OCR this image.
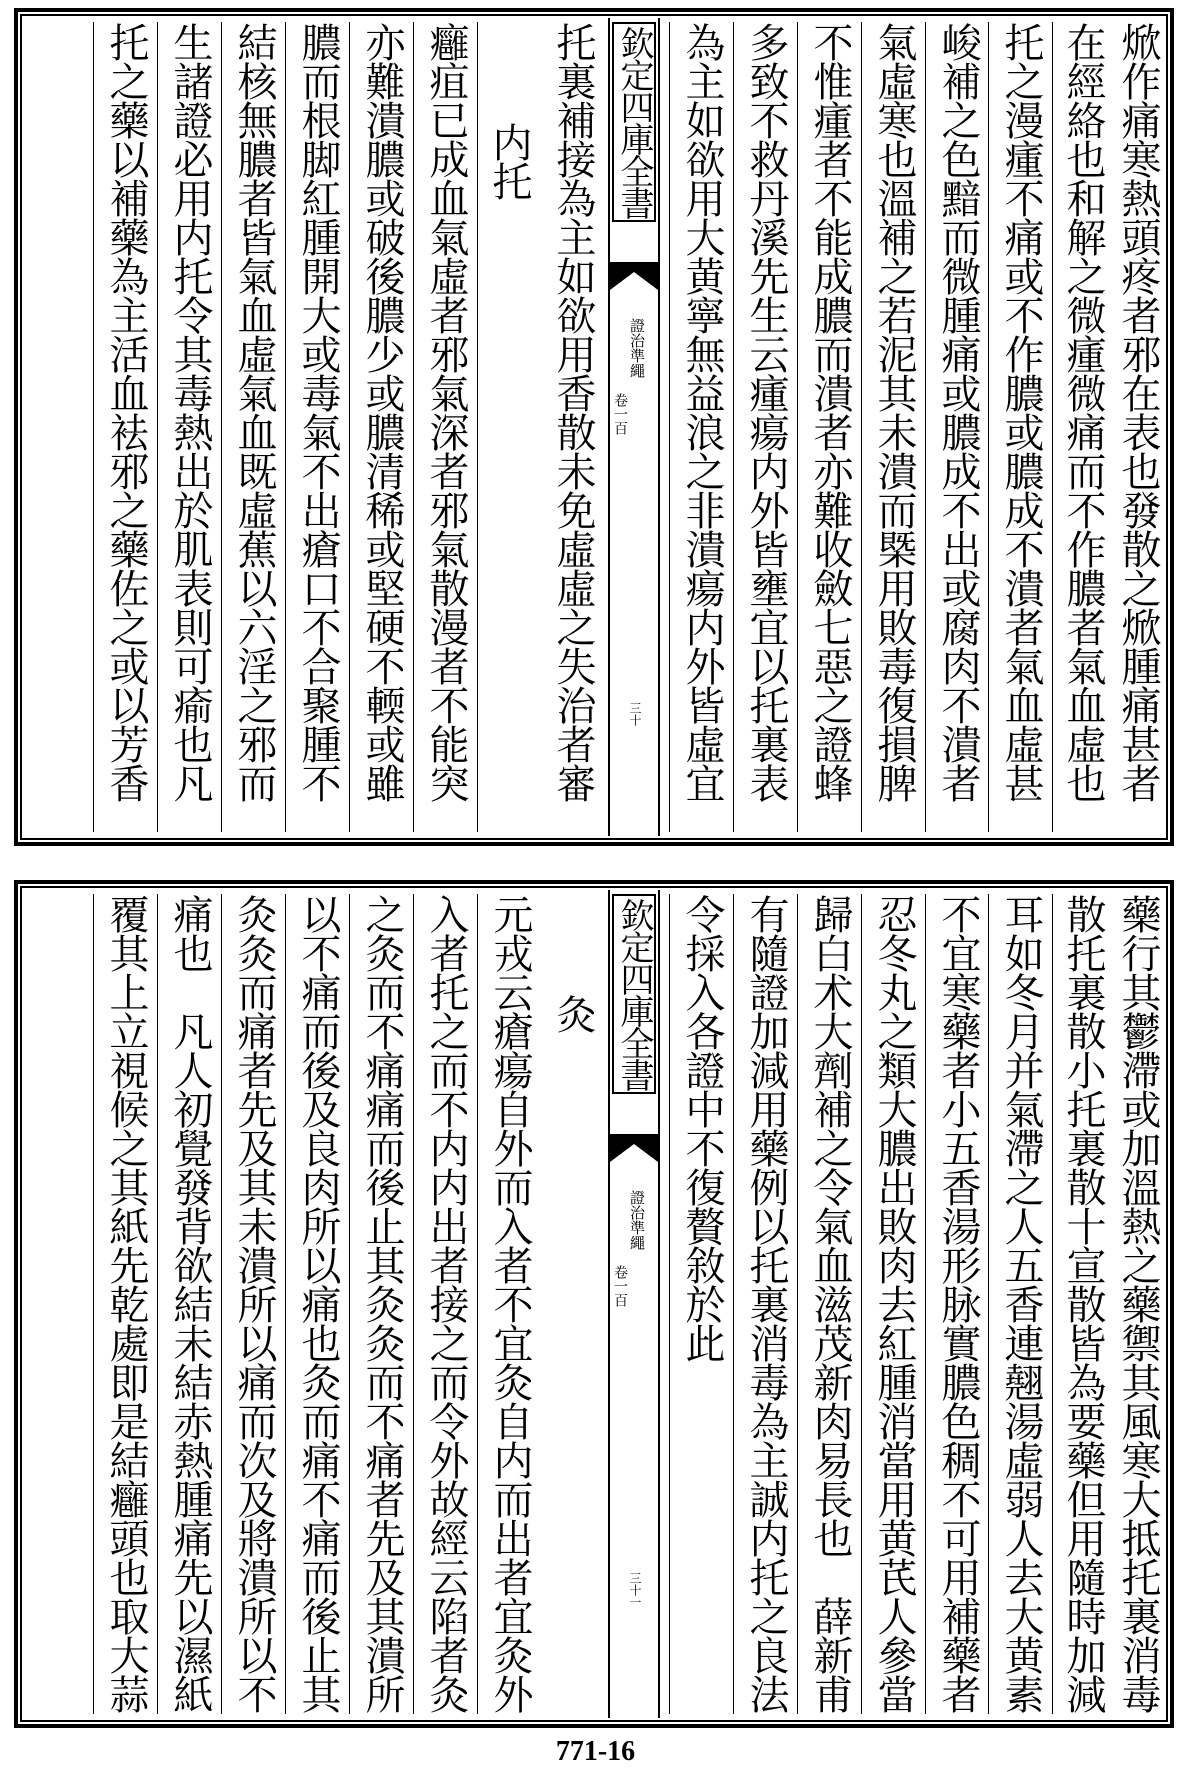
焮作痛寒熱頭疼者邪在表也發散之焮腫痛甚者
在經絡也和解之微瘇微痛而不作膿者氣血虛也
托之漫瘇不痛或不作膿或膿成不潰者氣血虛甚
峻補之色黯而微腫痛或膿成不出或腐肉不潰者
氣虛寒也溫補之若泥其未潰而槩用敗毒復損脾
不惟瘇者不能成膿而潰者亦難收斂七惡之證蜂
多致不救丹溪先生云瘇瘍内外皆壅宜以托裏表
為主如欲用大黄寧無益浪之非潰瘍内外皆虛宜
欽定四庫全書
證治準繩
卷一百
三十
托裏補接為主如欲用香散未免虛虛之失治者審
内托
癰疽已成血氣虛者邪氣深者邪氣散漫者不能突
亦難潰膿或破後膿少或膿清稀或堅硬不輭或雖
膿而根脚紅腫開大或毒氣不出瘡口不合聚腫不
結核無膿者皆氣血虛氣血既虛蕉以六淫之邪而
生諸證必用内托令其毒熱出於肌表則可瘉也凡
托之藥以補藥為主活血袪邪之藥佐之或以芳香
藥行其鬱滯或加溫熱之藥禦其風寒大抵托裏消毒
散托裏散小托裏散十宣散皆為要藥但用隨時加減
耳如冬月并氣滯之人五香連翹湯虛弱人去大黄素
不宜寒藥者小五香湯形脉實膿色稠不可用補藥者
忍冬丸之類大膿出敗肉去紅腫消當用黄芪人參當
歸白术大劑補之令氣血滋茂新肉易長也　薛新甫
有隨證加減用藥例以托裏消毒為主誠内托之良法
令採入各證中不復贅敘於此
欽定四庫全書
證治準繩
卷一百
三十一
灸
元戎云瘡瘍自外而入者不宜灸自内而出者宜灸外
入者托之而不内内出者接之而令外故經云陷者灸
之灸而不痛痛而後止其灸灸而不痛者先及其潰所
以不痛而後及良肉所以痛也灸而痛不痛而後止其
灸灸而痛者先及其未潰所以痛而次及將潰所以不
痛也　凡人初覺發背欲結未結赤熱腫痛先以濕紙
覆其上立視候之其紙先乾處即是結癰頭也取大蒜
771-16
